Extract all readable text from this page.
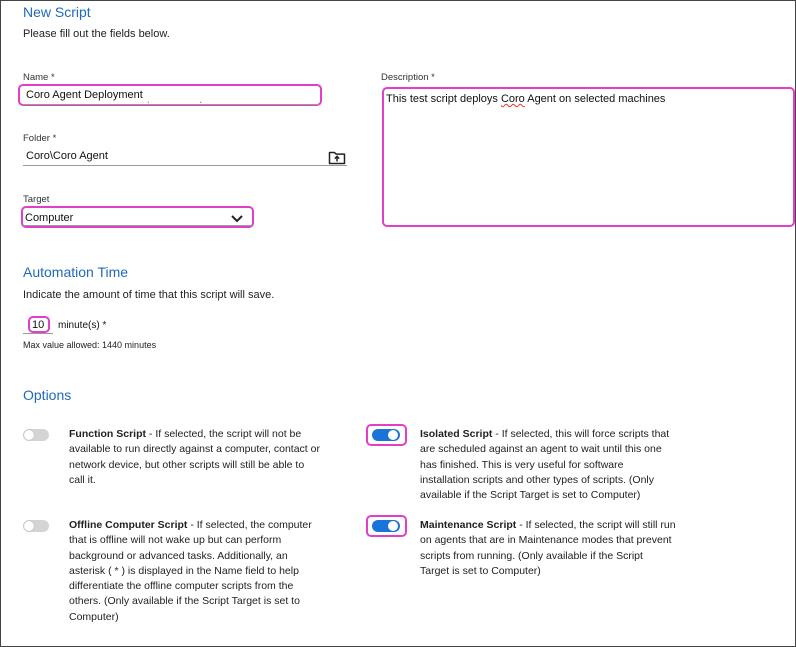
New Script
Please fill out the fields below.
Name *
Coro Agent Deployment ˎ	ˏ
Folder *
Coro\Coro Agent
Target
Computer
Description *
This test script deploys Coro Agent on selected machines
Automation Time
Indicate the amount of time that this script will save.
10 minute(s) *
Max value allowed: 1440 minutes
Options
Function Script - If selected, the script will not be
available to run directly against a computer, contact or
network device, but other scripts will still be able to
call it.
Isolated Script - If selected, this will force scripts that
are scheduled against an agent to wait until this one
has finished. This is very useful for software
installation scripts and other types of scripts. (Only
available if the Script Target is set to Computer)
Offline Computer Script - If selected, the computer
that is offline will not wake up but can perform
background or advanced tasks. Additionally, an
asterisk ( * ) is displayed in the Name field to help
differentiate the offline computer scripts from the
others. (Only available if the Script Target is set to
Computer)
Maintenance Script - If selected, the script will still run
on agents that are in Maintenance modes that prevent
scripts from running. (Only available if the Script
Target is set to Computer)
